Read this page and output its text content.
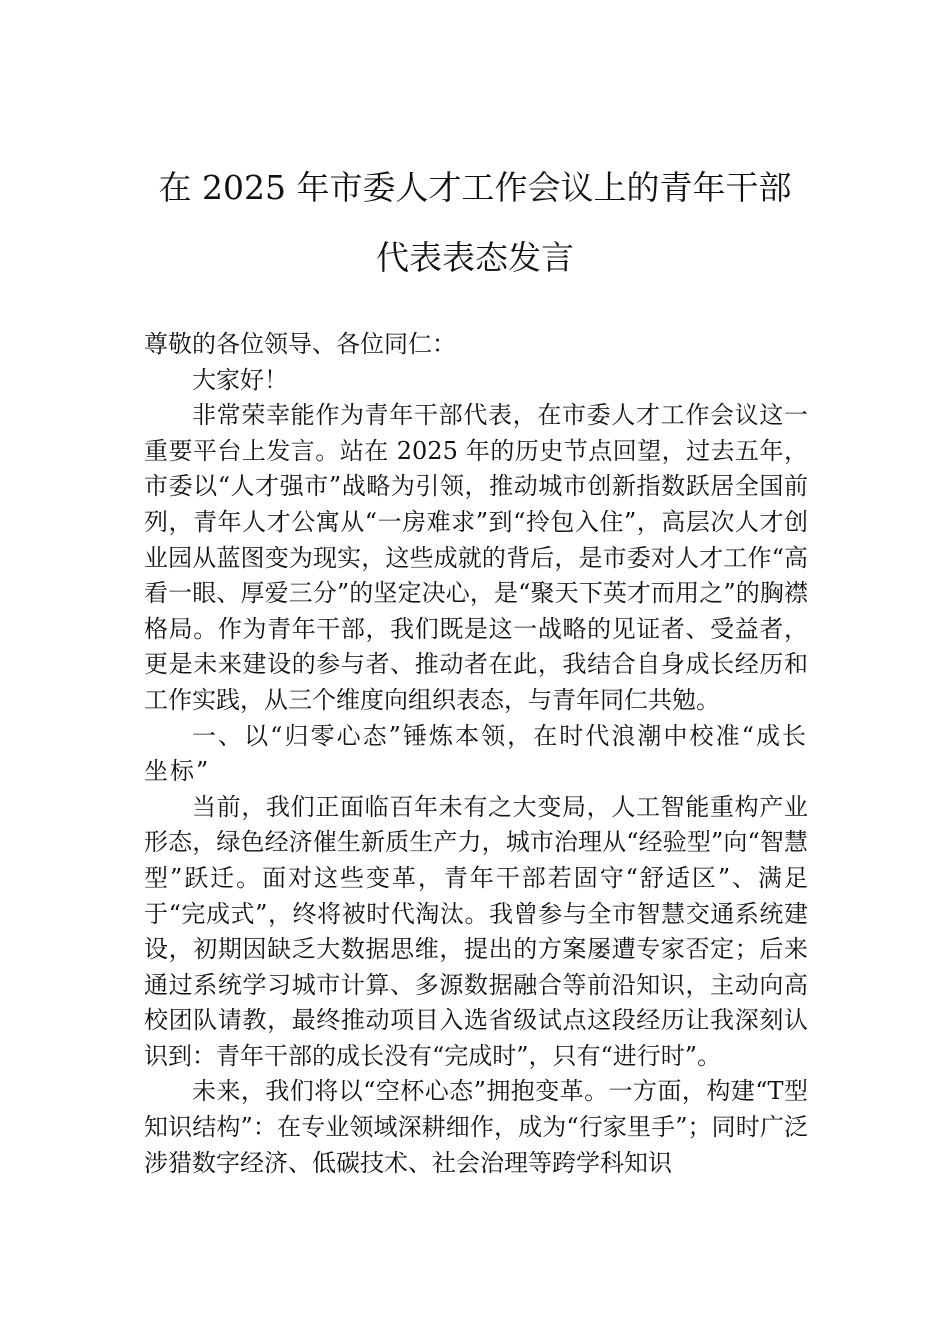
在 2025 年市委人才工作会议上的青年干部
代表表态发言

尊敬的各位领导、各位同仁：

大家好！

非常荣幸能作为青年干部代表，在市委人才工作会议这一重要平台上发言。站在 2025 年的历史节点回望，过去五年，市委以“人才强市”战略为引领，推动城市创新指数跃居全国前列，青年人才公寓从“一房难求”到“拎包入住”，高层次人才创业园从蓝图变为现实，这些成就的背后，是市委对人才工作“高看一眼、厚爱三分”的坚定决心，是“聚天下英才而用之”的胸襟格局。作为青年干部，我们既是这一战略的见证者、受益者，更是未来建设的参与者、推动者在此，我结合自身成长经历和工作实践，从三个维度向组织表态，与青年同仁共勉。

一、以“归零心态”锤炼本领，在时代浪潮中校准“成长坐标”

当前，我们正面临百年未有之大变局，人工智能重构产业形态，绿色经济催生新质生产力，城市治理从“经验型”向“智慧型”跃迁。面对这些变革，青年干部若固守“舒适区”、满足于“完成式”，终将被时代淘汰。我曾参与全市智慧交通系统建设，初期因缺乏大数据思维，提出的方案屡遭专家否定；后来通过系统学习城市计算、多源数据融合等前沿知识，主动向高校团队请教，最终推动项目入选省级试点这段经历让我深刻认识到：青年干部的成长没有“完成时”，只有“进行时”。

未来，我们将以“空杯心态”拥抱变革。一方面，构建“T型知识结构”：在专业领域深耕细作，成为“行家里手”；同时广泛涉猎数字经济、低碳技术、社会治理等跨学科知识
